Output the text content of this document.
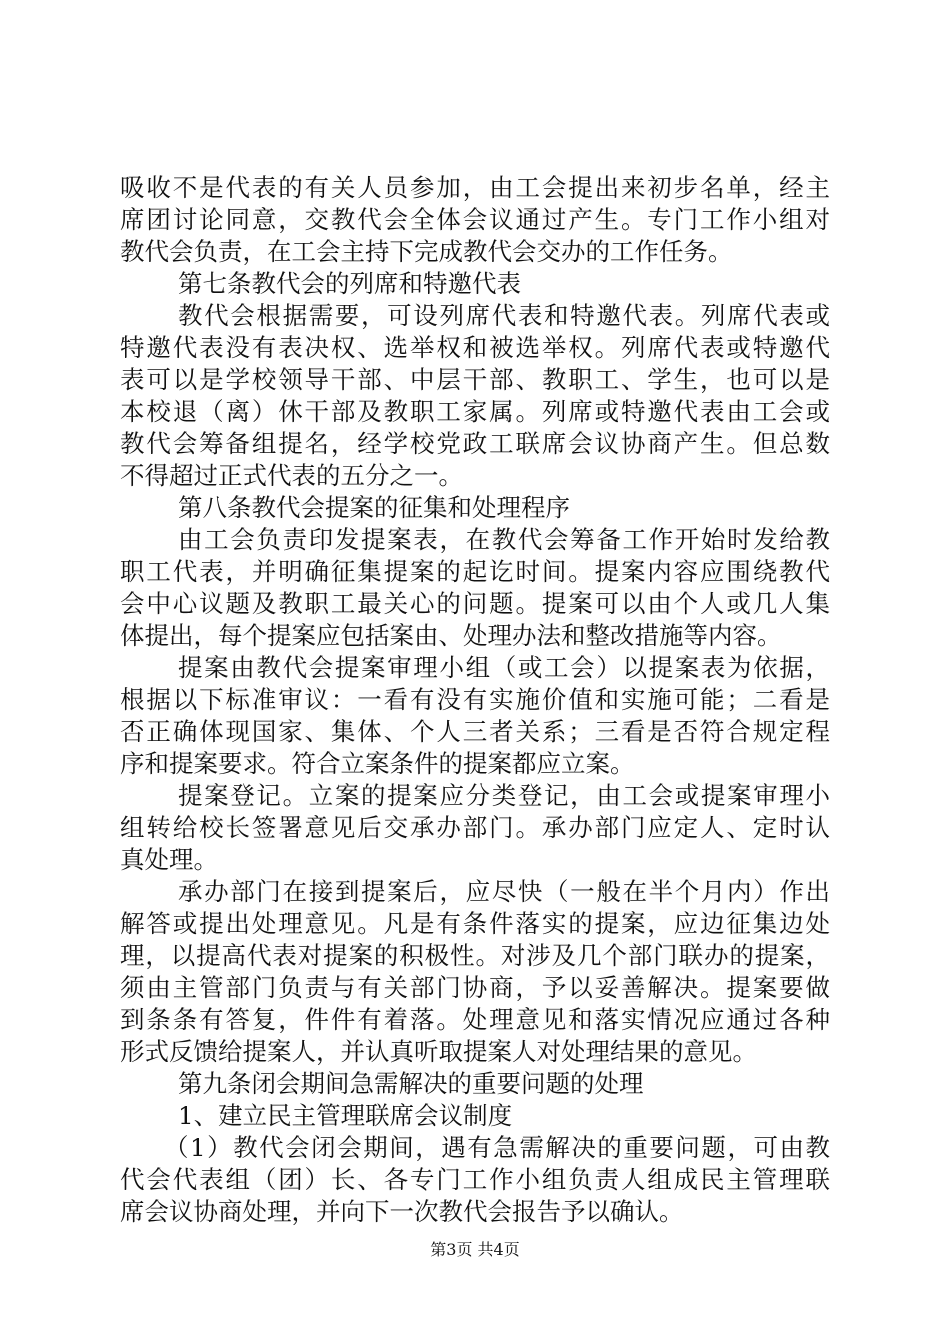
吸收不是代表的有关人员参加，由工会提出来初步名单，经主
席团讨论同意，交教代会全体会议通过产生。专门工作小组对
教代会负责，在工会主持下完成教代会交办的工作任务。
第七条教代会的列席和特邀代表
教代会根据需要，可设列席代表和特邀代表。列席代表或
特邀代表没有表决权、选举权和被选举权。列席代表或特邀代
表可以是学校领导干部、中层干部、教职工、学生，也可以是
本校退（离）休干部及教职工家属。列席或特邀代表由工会或
教代会筹备组提名，经学校党政工联席会议协商产生。但总数
不得超过正式代表的五分之一。
第八条教代会提案的征集和处理程序
由工会负责印发提案表，在教代会筹备工作开始时发给教
职工代表，并明确征集提案的起讫时间。提案内容应围绕教代
会中心议题及教职工最关心的问题。提案可以由个人或几人集
体提出，每个提案应包括案由、处理办法和整改措施等内容。
提案由教代会提案审理小组（或工会）以提案表为依据，
根据以下标准审议：一看有没有实施价值和实施可能；二看是
否正确体现国家、集体、个人三者关系；三看是否符合规定程
序和提案要求。符合立案条件的提案都应立案。
提案登记。立案的提案应分类登记，由工会或提案审理小
组转给校长签署意见后交承办部门。承办部门应定人、定时认
真处理。
承办部门在接到提案后，应尽快（一般在半个月内）作出
解答或提出处理意见。凡是有条件落实的提案，应边征集边处
理，以提高代表对提案的积极性。对涉及几个部门联办的提案，
须由主管部门负责与有关部门协商，予以妥善解决。提案要做
到条条有答复，件件有着落。处理意见和落实情况应通过各种
形式反馈给提案人，并认真听取提案人对处理结果的意见。
第九条闭会期间急需解决的重要问题的处理
1、建立民主管理联席会议制度
（1）教代会闭会期间，遇有急需解决的重要问题，可由教
代会代表组（团）长、各专门工作小组负责人组成民主管理联
席会议协商处理，并向下一次教代会报告予以确认。
第3页 共4页
